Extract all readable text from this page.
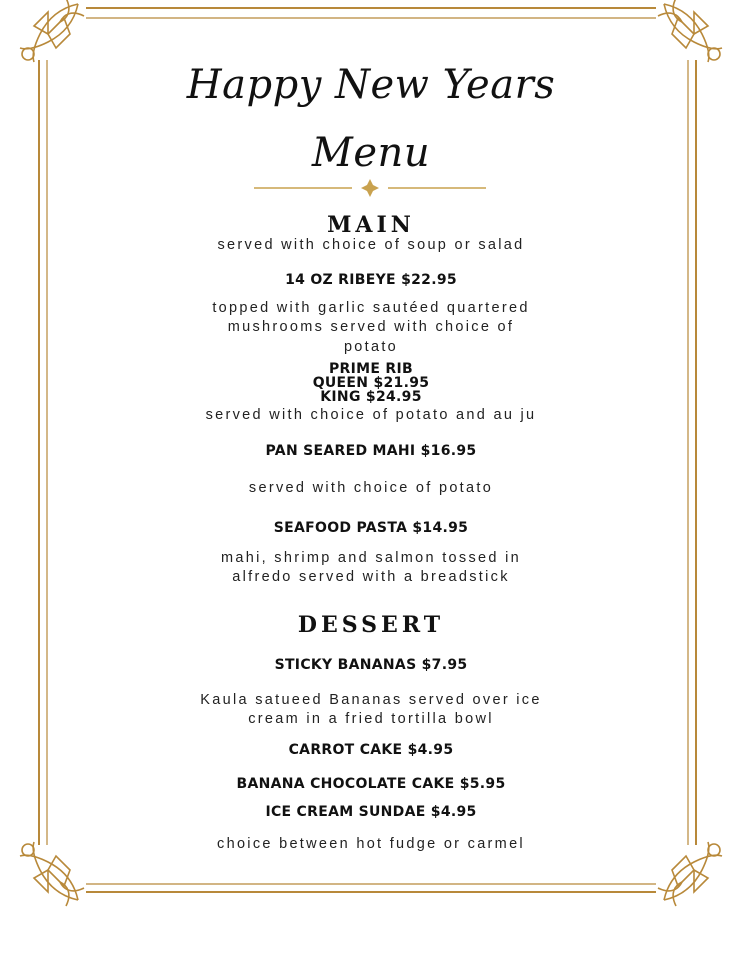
Happy New Years
Menu
MAIN
served with choice of soup or salad
14 OZ RIBEYE $22.95
topped with garlic sautéed quartered
mushrooms served with choice of
potato
PRIME RIB
QUEEN $21.95
KING $24.95
served with choice of potato and au ju
PAN SEARED MAHI $16.95
served with choice of potato
SEAFOOD PASTA $14.95
mahi, shrimp and salmon tossed in
alfredo served with a breadstick
DESSERT
STICKY BANANAS $7.95
Kaula satueed Bananas served over ice
cream in a fried tortilla bowl
CARROT CAKE $4.95
BANANA CHOCOLATE CAKE $5.95
ICE CREAM SUNDAE $4.95
choice between hot fudge or carmel
